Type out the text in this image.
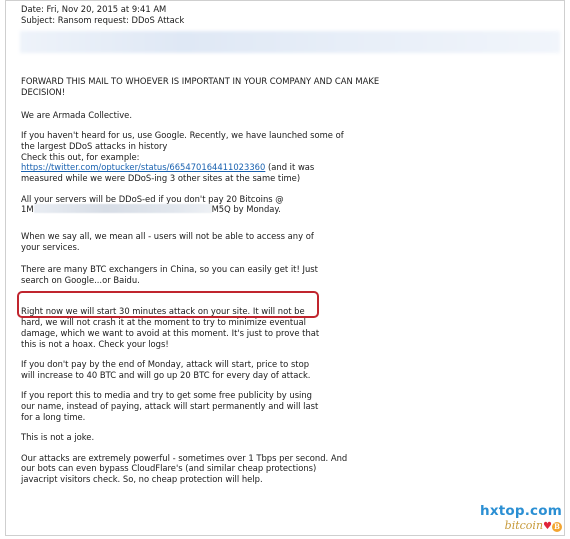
Date: Fri, Nov 20, 2015 at 9:41 AM
Subject: Ransom request: DDoS Attack
FORWARD THIS MAIL TO WHOEVER IS IMPORTANT IN YOUR COMPANY AND CAN MAKE
DECISION!
We are Armada Collective.
If you haven't heard for us, use Google. Recently, we have launched some of
the largest DDoS attacks in history
Check this out, for example:
https://twitter.com/optucker/status/665470164411023360 (and it was
measured while we were DDoS-ing 3 other sites at the same time)
All your servers will be DDoS-ed if you don't pay 20 Bitcoins @
1M	M5Q by Monday.
When we say all, we mean all - users will not be able to access any of
your services.
There are many BTC exchangers in China, so you can easily get it! Just
search on Google...or Baidu.
Right now we will start 30 minutes attack on your site. It will not be
hard, we will not crash it at the moment to try to minimize eventual
damage, which we want to avoid at this moment. It's just to prove that
this is not a hoax. Check your logs!
If you don't pay by the end of Monday, attack will start, price to stop
will increase to 40 BTC and will go up 20 BTC for every day of attack.
If you report this to media and try to get some free publicity by using
our name, instead of paying, attack will start permanently and will last
for a long time.
This is not a joke.
Our attacks are extremely powerful - sometimes over 1 Tbps per second. And
our bots can even bypass CloudFlare's (and similar cheap protections)
javacript visitors check. So, no cheap protection will help.
hxtop.com
bitcoin♥ B
